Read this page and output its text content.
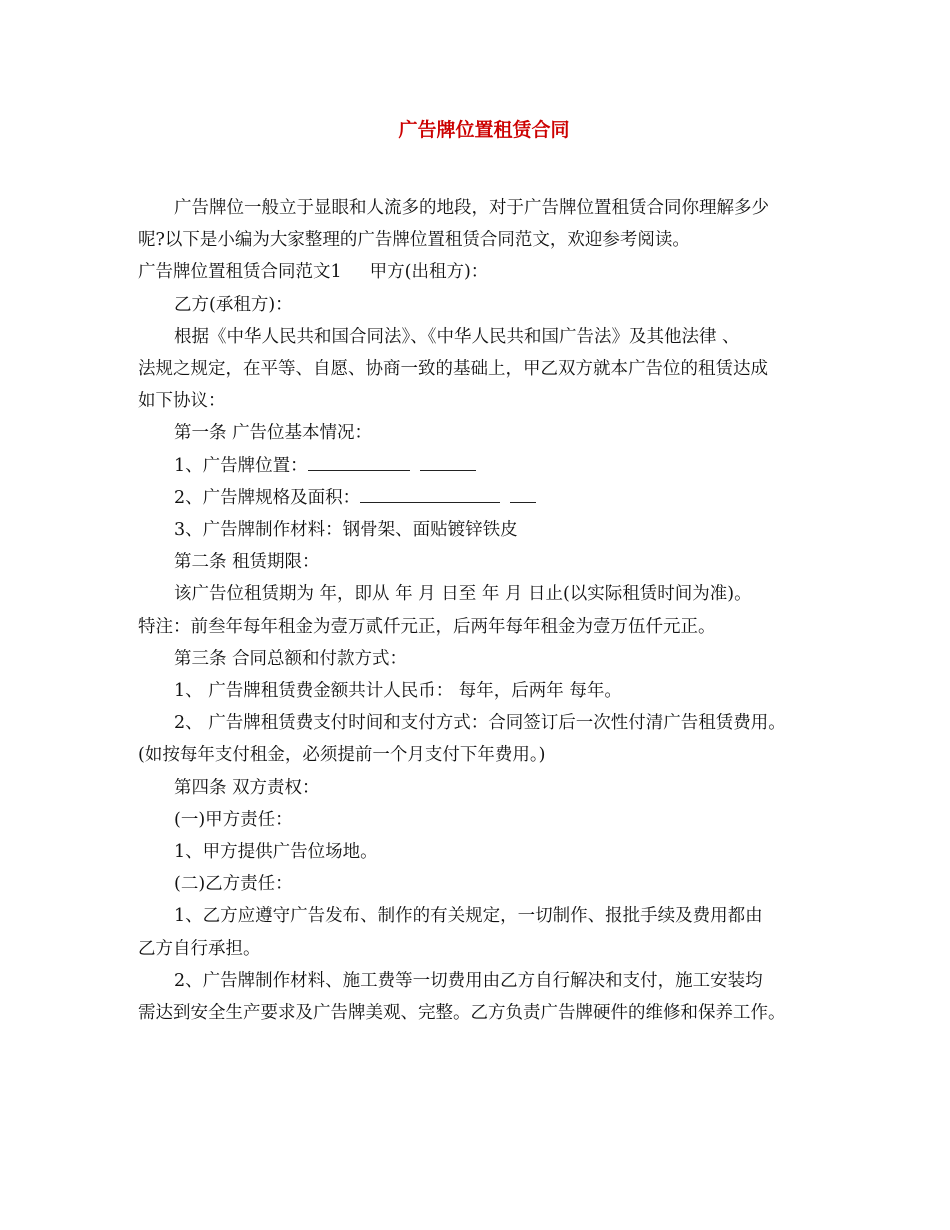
广告牌位置租赁合同

广告牌位一般立于显眼和人流多的地段，对于广告牌位置租赁合同你理解多少

呢?以下是小编为大家整理的广告牌位置租赁合同范文，欢迎参考阅读。

广告牌位置租赁合同范文1 甲方(出租方)：

乙方(承租方)：

根据《中华人民共和国合同法》、《中华人民共和国广告法》及其他法律 、

法规之规定，在平等、自愿、协商一致的基础上，甲乙双方就本广告位的租赁达成

如下协议：

第一条 广告位基本情况：

1、广告牌位置：

2、广告牌规格及面积：

3、广告牌制作材料：钢骨架、面贴镀锌铁皮

第二条 租赁期限：

该广告位租赁期为 年，即从 年 月 日至 年 月 日止(以实际租赁时间为准)。

特注：前叁年每年租金为壹万贰仟元正，后两年每年租金为壹万伍仟元正。

第三条 合同总额和付款方式：

1、 广告牌租赁费金额共计人民币： 每年，后两年 每年。

2、 广告牌租赁费支付时间和支付方式：合同签订后一次性付清广告租赁费用。

(如按每年支付租金，必须提前一个月支付下年费用。)

第四条 双方责权：

(一)甲方责任：

1、甲方提供广告位场地。

(二)乙方责任：

1、乙方应遵守广告发布、制作的有关规定，一切制作、报批手续及费用都由

乙方自行承担。

2、广告牌制作材料、施工费等一切费用由乙方自行解决和支付，施工安装均

需达到安全生产要求及广告牌美观、完整。乙方负责广告牌硬件的维修和保养工作。
